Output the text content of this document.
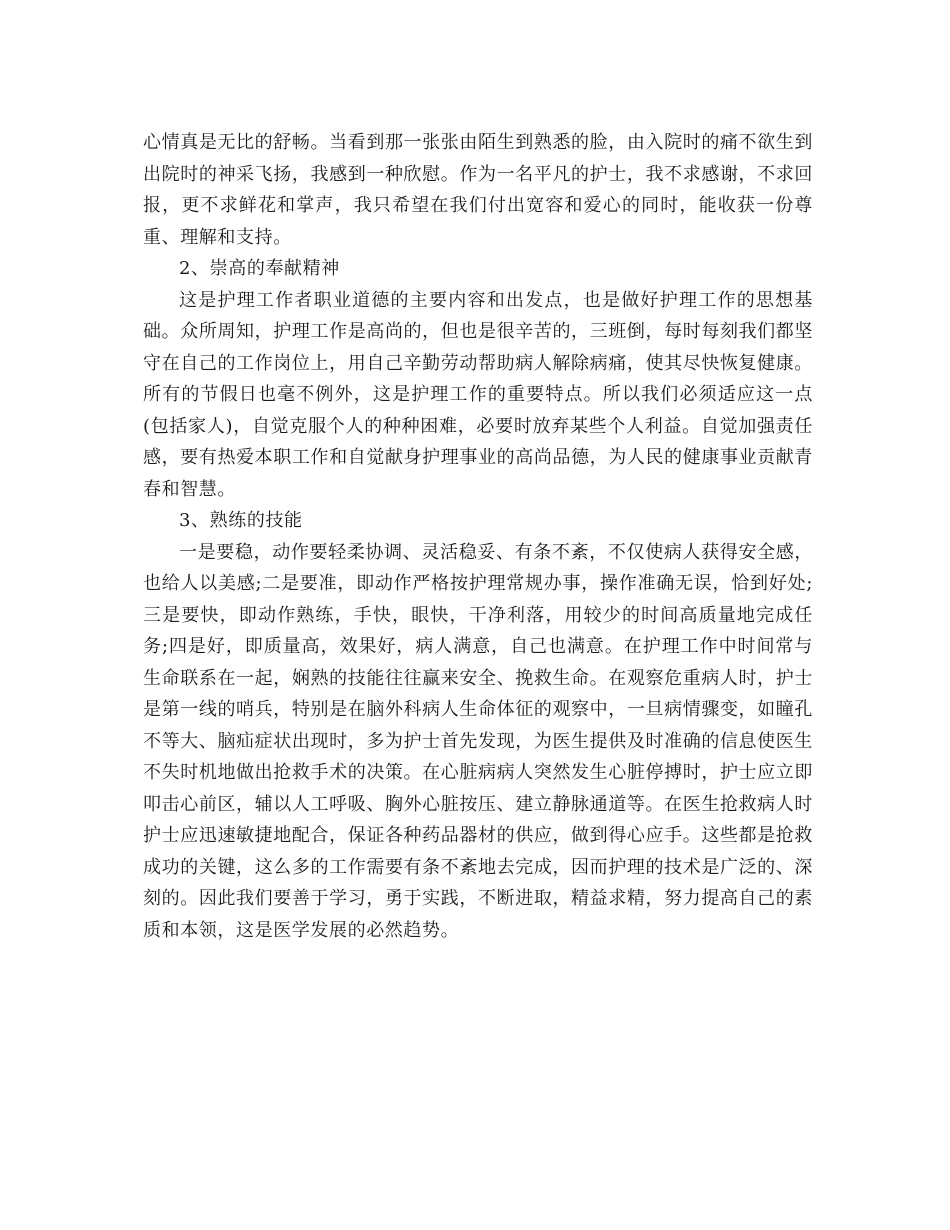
心情真是无比的舒畅。当看到那一张张由陌生到熟悉的脸，由入院时的痛不欲生到出院时的神采飞扬，我感到一种欣慰。作为一名平凡的护士，我不求感谢，不求回报，更不求鲜花和掌声，我只希望在我们付出宽容和爱心的同时，能收获一份尊重、理解和支持。

2、崇高的奉献精神

这是护理工作者职业道德的主要内容和出发点，也是做好护理工作的思想基础。众所周知，护理工作是高尚的，但也是很辛苦的，三班倒，每时每刻我们都坚守在自己的工作岗位上，用自己辛勤劳动帮助病人解除病痛，使其尽快恢复健康。所有的节假日也毫不例外，这是护理工作的重要特点。所以我们必须适应这一点(包括家人)，自觉克服个人的种种困难，必要时放弃某些个人利益。自觉加强责任感，要有热爱本职工作和自觉献身护理事业的高尚品德，为人民的健康事业贡献青春和智慧。

3、熟练的技能

一是要稳，动作要轻柔协调、灵活稳妥、有条不紊，不仅使病人获得安全感，也给人以美感;二是要准，即动作严格按护理常规办事，操作准确无误，恰到好处;三是要快，即动作熟练，手快，眼快，干净利落，用较少的时间高质量地完成任务;四是好，即质量高，效果好，病人满意，自己也满意。在护理工作中时间常与生命联系在一起，娴熟的技能往往赢来安全、挽救生命。在观察危重病人时，护士是第一线的哨兵，特别是在脑外科病人生命体征的观察中，一旦病情骤变，如瞳孔不等大、脑疝症状出现时，多为护士首先发现，为医生提供及时准确的信息使医生不失时机地做出抢救手术的决策。在心脏病病人突然发生心脏停搏时，护士应立即叩击心前区，辅以人工呼吸、胸外心脏按压、建立静脉通道等。在医生抢救病人时护士应迅速敏捷地配合，保证各种药品器材的供应，做到得心应手。这些都是抢救成功的关键，这么多的工作需要有条不紊地去完成，因而护理的技术是广泛的、深刻的。因此我们要善于学习，勇于实践，不断进取，精益求精，努力提高自己的素质和本领，这是医学发展的必然趋势。
